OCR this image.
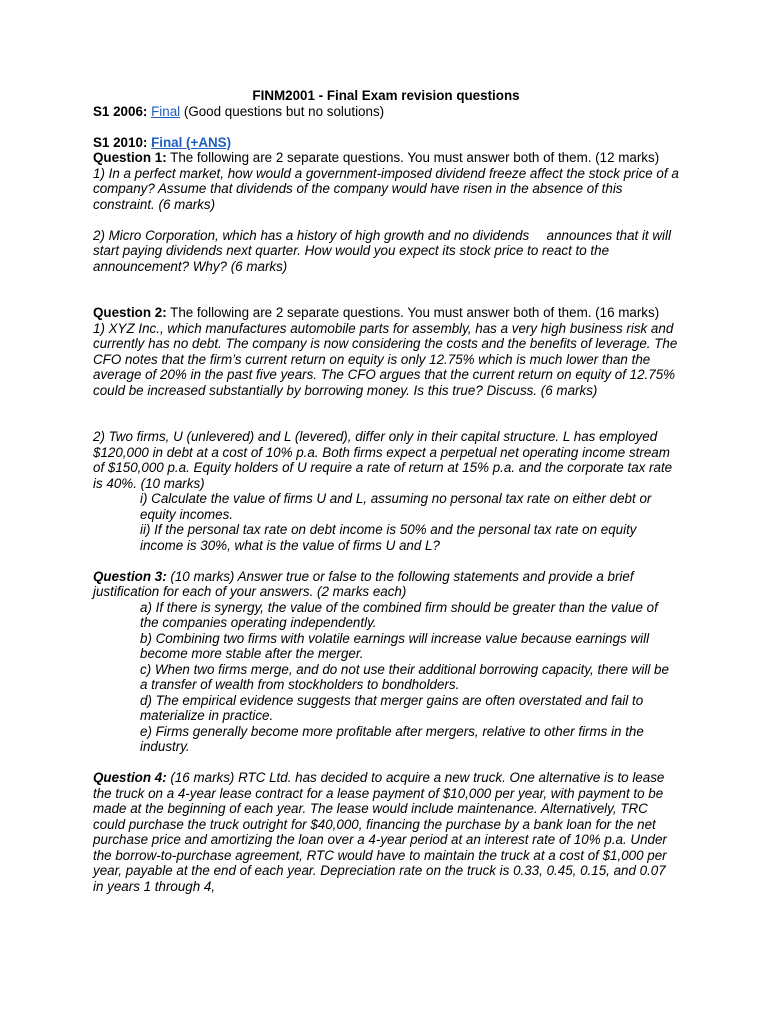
FINM2001 - Final Exam revision questions

S1 2006: Final (Good questions but no solutions)

S1 2010: Final (+ANS)

Question 1: The following are 2 separate questions. You must answer both of them. (12 marks)

1) In a perfect market, how would a government-imposed dividend freeze affect the stock price of a company? Assume that dividends of the company would have risen in the absence of this constraint. (6 marks)

2) Micro Corporation, which has a history of high growth and no dividends announces that it will start paying dividends next quarter. How would you expect its stock price to react to the announcement? Why? (6 marks)

Question 2: The following are 2 separate questions. You must answer both of them. (16 marks)

1) XYZ Inc., which manufactures automobile parts for assembly, has a very high business risk and currently has no debt. The company is now considering the costs and the benefits of leverage. The CFO notes that the firm’s current return on equity is only 12.75% which is much lower than the average of 20% in the past five years. The CFO argues that the current return on equity of 12.75% could be increased substantially by borrowing money. Is this true? Discuss. (6 marks)

2) Two firms, U (unlevered) and L (levered), differ only in their capital structure. L has employed $120,000 in debt at a cost of 10% p.a. Both firms expect a perpetual net operating income stream of $150,000 p.a. Equity holders of U require a rate of return at 15% p.a. and the corporate tax rate is 40%. (10 marks)

i) Calculate the value of firms U and L, assuming no personal tax rate on either debt or equity incomes.

ii) If the personal tax rate on debt income is 50% and the personal tax rate on equity income is 30%, what is the value of firms U and L?

Question 3: (10 marks) Answer true or false to the following statements and provide a brief justification for each of your answers. (2 marks each)

a) If there is synergy, the value of the combined firm should be greater than the value of the companies operating independently.

b) Combining two firms with volatile earnings will increase value because earnings will become more stable after the merger.

c) When two firms merge, and do not use their additional borrowing capacity, there will be a transfer of wealth from stockholders to bondholders.

d) The empirical evidence suggests that merger gains are often overstated and fail to materialize in practice.

e) Firms generally become more profitable after mergers, relative to other firms in the industry.

Question 4: (16 marks) RTC Ltd. has decided to acquire a new truck. One alternative is to lease the truck on a 4-year lease contract for a lease payment of $10,000 per year, with payment to be made at the beginning of each year. The lease would include maintenance. Alternatively, TRC could purchase the truck outright for $40,000, financing the purchase by a bank loan for the net purchase price and amortizing the loan over a 4-year period at an interest rate of 10% p.a. Under the borrow-to-purchase agreement, RTC would have to maintain the truck at a cost of $1,000 per year, payable at the end of each year. Depreciation rate on the truck is 0.33, 0.45, 0.15, and 0.07 in years 1 through 4,
